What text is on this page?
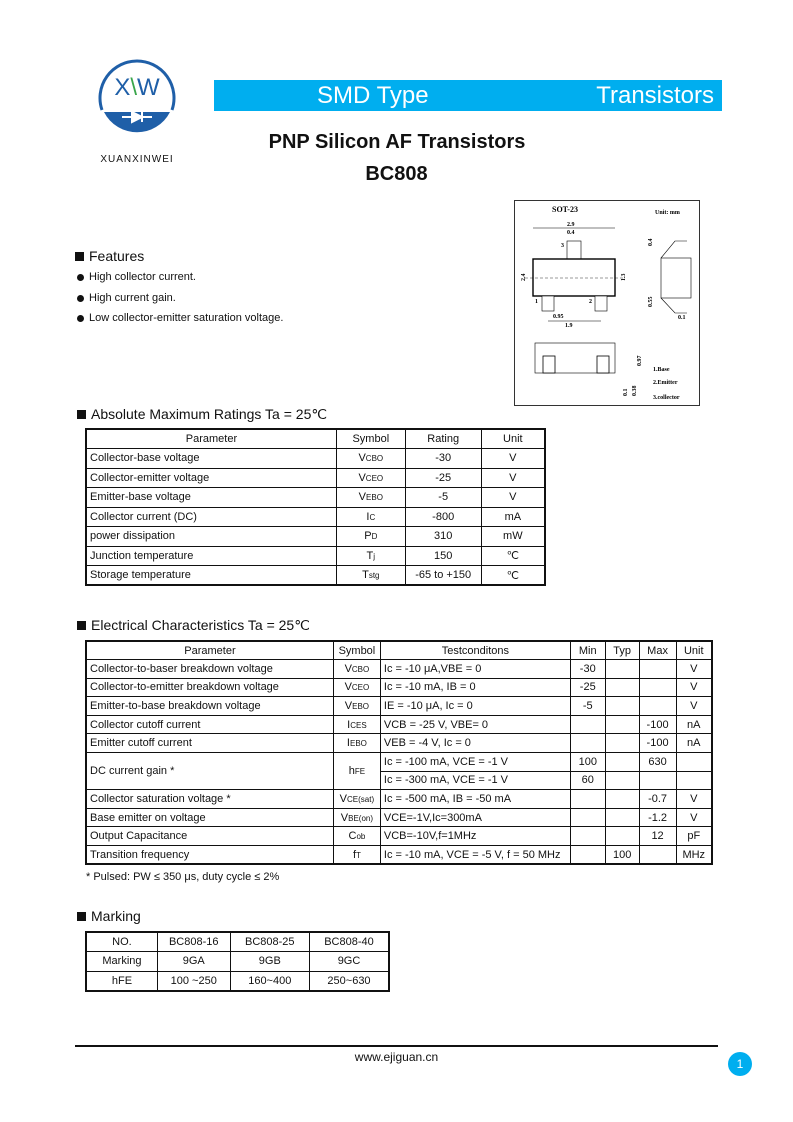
X\W
XUANXINWEI
SMD Type	Transistors
PNP Silicon AF Transistors
BC808
SOT-23	Unit: mm
2.9
0.4
3
1	2
2.4	1.3
0.95
1.9
0.4
0.55
0.1
0.1 0.38
0.97
1.Base
2.Emitter
3.collector
Features
High collector current.
High current gain.
Low collector-emitter saturation voltage.
Absolute Maximum Ratings Ta = 25℃
Parameter	Symbol	Rating	Unit
Collector-base voltage	VCBO	-30	V
Collector-emitter voltage	VCEO	-25	V
Emitter-base voltage	VEBO	-5	V
Collector current (DC)	IC	-800	mA
power dissipation	PD	310	mW
Junction temperature	Tj	150	℃
Storage temperature	Tstg	-65 to +150	℃
Electrical Characteristics Ta = 25℃
Parameter	Symbol	Testconditons	Min	Typ	Max	Unit
Collector-to-baser breakdown voltage	VCBO	Ic = -10 μA,VBE = 0	-30			V
Collector-to-emitter breakdown voltage	VCEO	Ic = -10 mA, IB = 0	-25			V
Emitter-to-base breakdown voltage	VEBO	IE = -10 μA, Ic = 0	-5			V
Collector cutoff current	ICES	VCB = -25 V, VBE= 0			-100	nA
Emitter cutoff current	IEBO	VEB = -4 V, Ic = 0			-100	nA
DC current gain *	hFE	Ic = -100 mA, VCE = -1 V	100		630	
		Ic = -300 mA, VCE = -1 V	60			
Collector saturation voltage *	VCE(sat)	Ic = -500 mA, IB = -50 mA			-0.7	V
Base emitter on voltage	VBE(on)	VCE=-1V,Ic=300mA			-1.2	V
Output Capacitance	Cob	VCB=-10V,f=1MHz			12	pF
Transition frequency	fT	Ic = -10 mA, VCE = -5 V, f = 50 MHz		100		MHz
* Pulsed: PW ≤ 350 μs, duty cycle ≤ 2%
Marking
NO.	BC808-16	BC808-25	BC808-40
Marking	9GA	9GB	9GC
hFE	100 ~250	160~400	250~630
www.ejiguan.cn	1
